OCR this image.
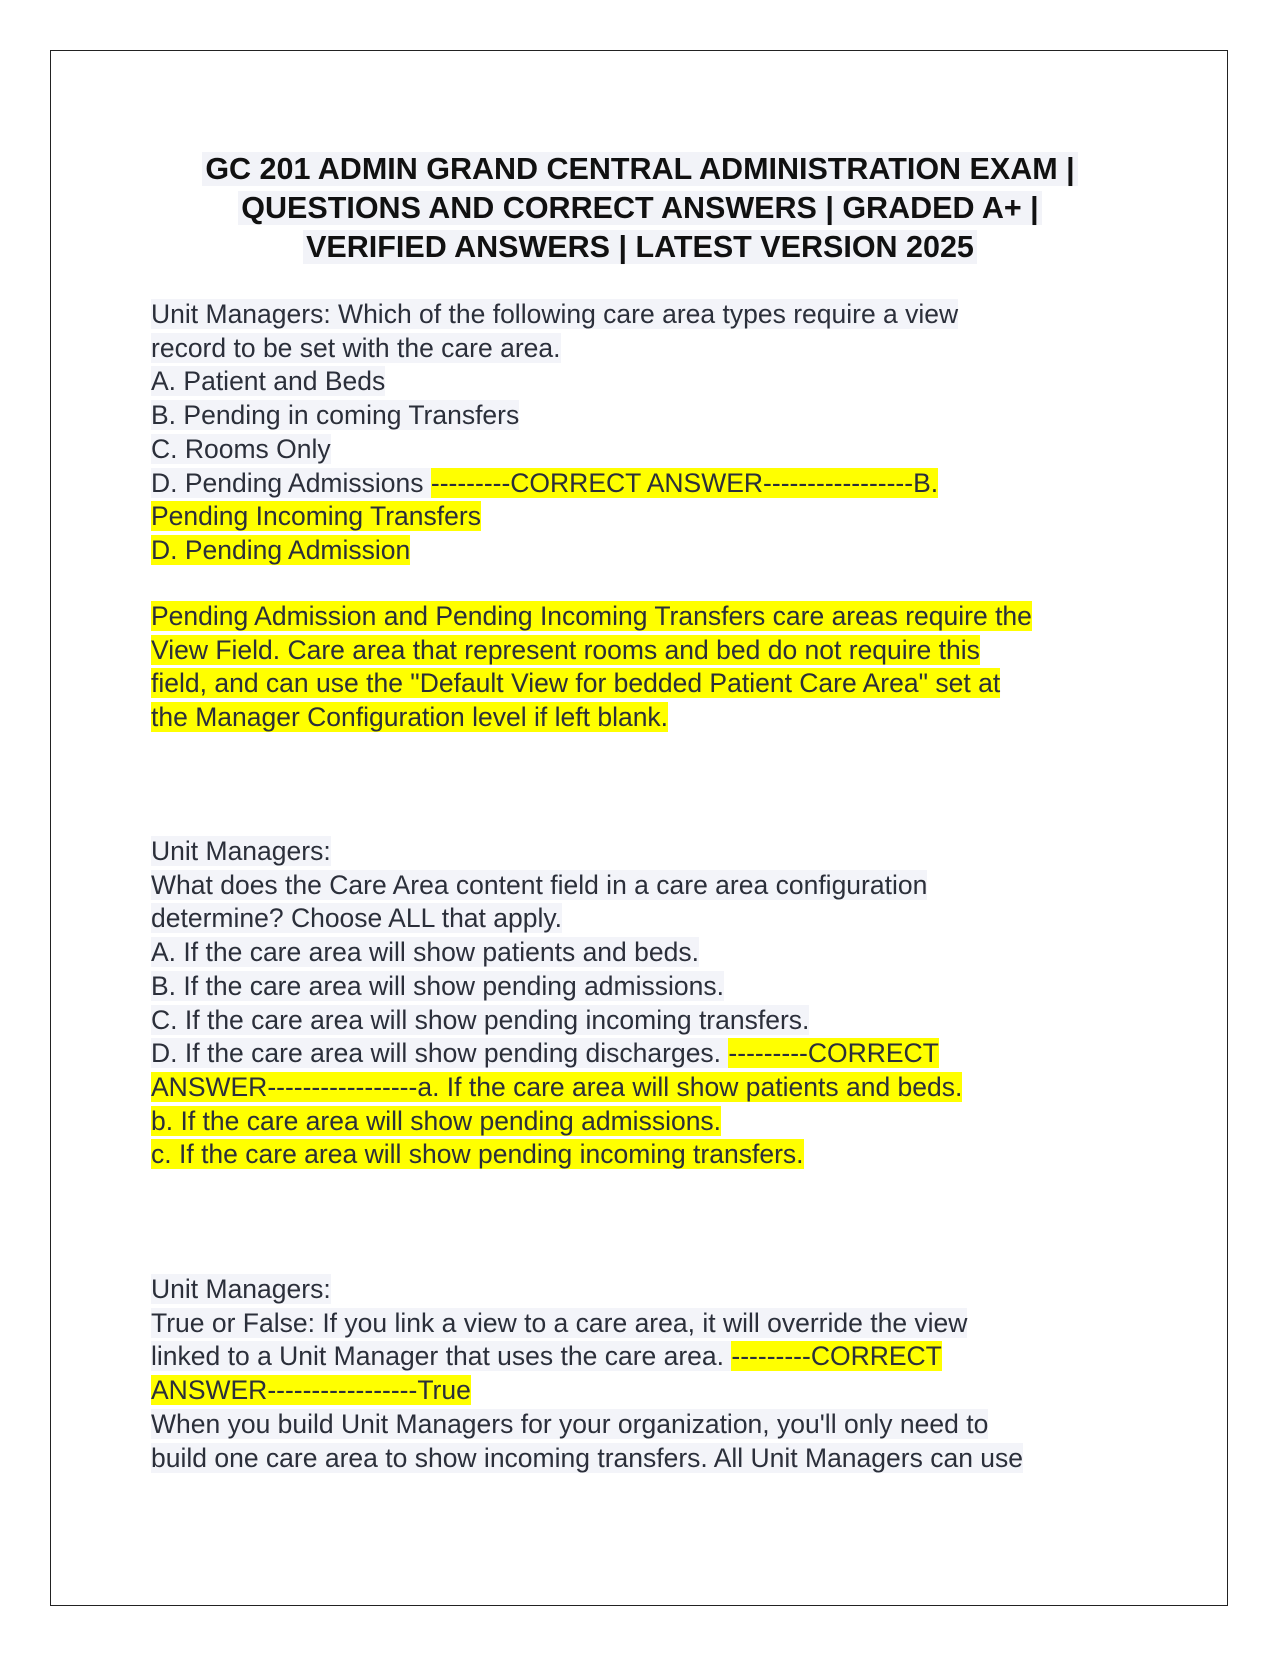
GC 201 ADMIN GRAND CENTRAL ADMINISTRATION EXAM |
QUESTIONS AND CORRECT ANSWERS | GRADED A+ |
VERIFIED ANSWERS | LATEST VERSION 2025
Unit Managers: Which of the following care area types require a view
record to be set with the care area.
A. Patient and Beds
B. Pending in coming Transfers
C. Rooms Only
D. Pending Admissions ---------CORRECT ANSWER-----------------B.
Pending Incoming Transfers
D. Pending Admission
Pending Admission and Pending Incoming Transfers care areas require the
View Field. Care area that represent rooms and bed do not require this
field, and can use the "Default View for bedded Patient Care Area" set at
the Manager Configuration level if left blank.
Unit Managers:
What does the Care Area content field in a care area configuration
determine? Choose ALL that apply.
A. If the care area will show patients and beds.
B. If the care area will show pending admissions.
C. If the care area will show pending incoming transfers.
D. If the care area will show pending discharges. ---------CORRECT
ANSWER-----------------a. If the care area will show patients and beds.
b. If the care area will show pending admissions.
c. If the care area will show pending incoming transfers.
Unit Managers:
True or False: If you link a view to a care area, it will override the view
linked to a Unit Manager that uses the care area. ---------CORRECT
ANSWER-----------------True
When you build Unit Managers for your organization, you'll only need to
build one care area to show incoming transfers. All Unit Managers can use
